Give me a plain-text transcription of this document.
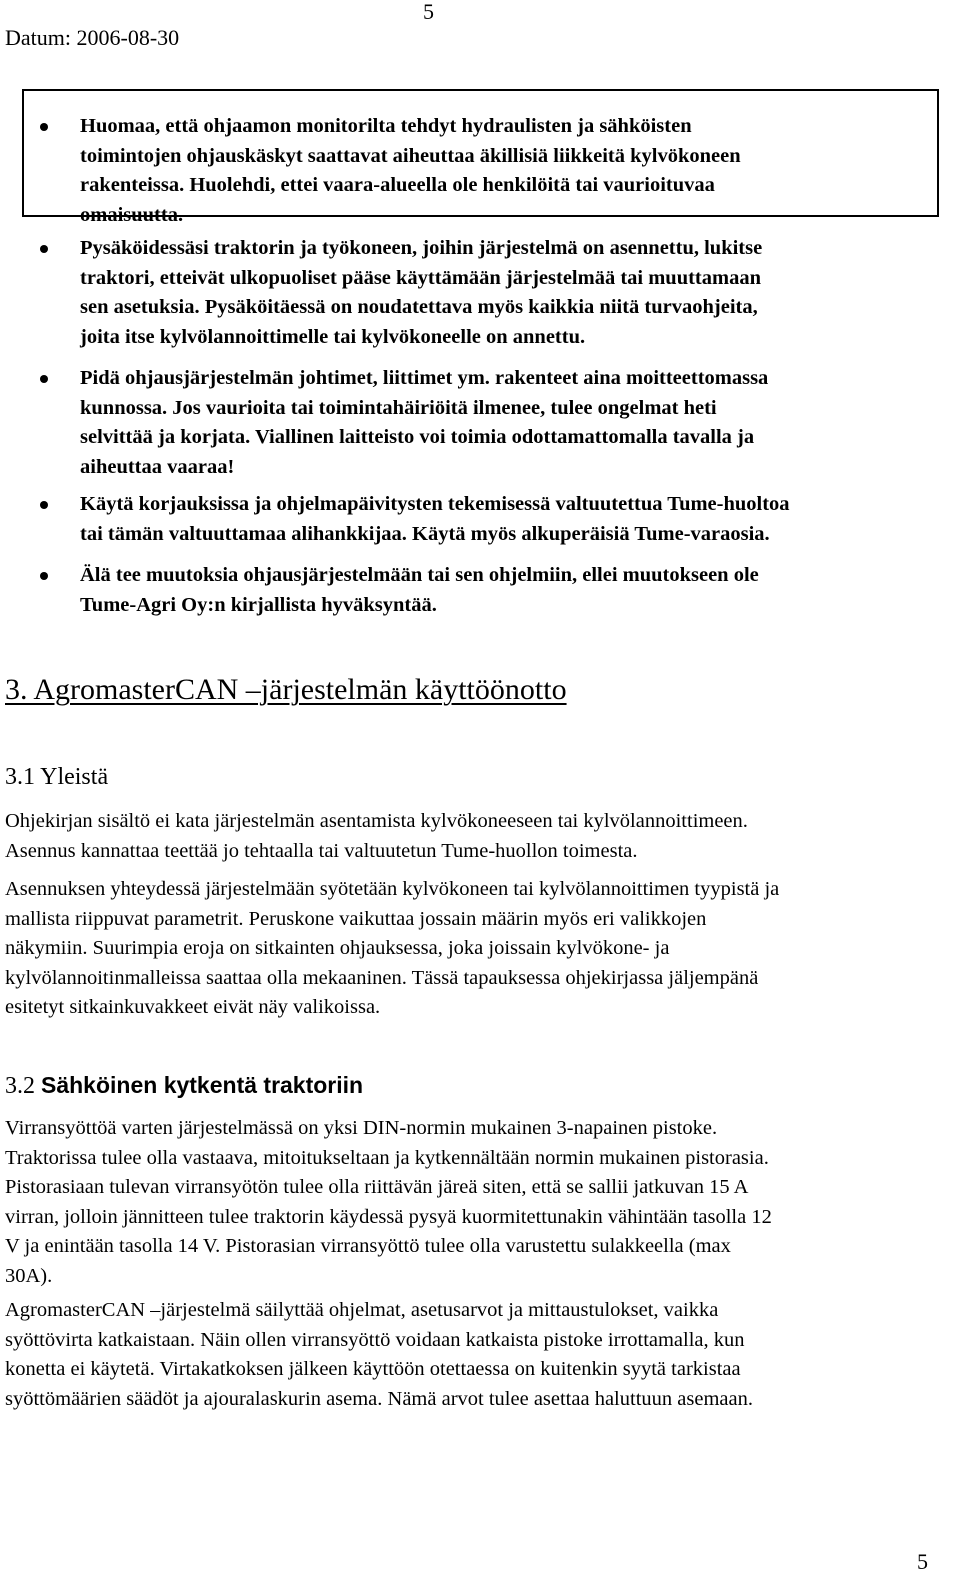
5
Datum: 2006-08-30
Huomaa, että ohjaamon monitorilta tehdyt hydraulisten ja sähköisten
toimintojen ohjauskäskyt saattavat aiheuttaa äkillisiä liikkeitä kylvökoneen
rakenteissa. Huolehdi, ettei vaara-alueella ole henkilöitä tai vaurioituvaa
omaisuutta.
Pysäköidessäsi traktorin ja työkoneen, joihin järjestelmä on asennettu, lukitse
traktori, etteivät ulkopuoliset pääse käyttämään järjestelmää tai muuttamaan
sen asetuksia. Pysäköitäessä on noudatettava myös kaikkia niitä turvaohjeita,
joita itse kylvölannoittimelle tai kylvökoneelle on annettu.
Pidä ohjausjärjestelmän johtimet, liittimet ym. rakenteet aina moitteettomassa
kunnossa. Jos vaurioita tai toimintahäiriöitä ilmenee, tulee ongelmat heti
selvittää ja korjata. Viallinen laitteisto voi toimia odottamattomalla tavalla ja
aiheuttaa vaaraa!
Käytä korjauksissa ja ohjelmapäivitysten tekemisessä valtuutettua Tume-huoltoa
tai tämän valtuuttamaa alihankkijaa. Käytä myös alkuperäisiä Tume-varaosia.
Älä tee muutoksia ohjausjärjestelmään tai sen ohjelmiin, ellei muutokseen ole
Tume-Agri Oy:n kirjallista hyväksyntää.
3. AgromasterCAN –järjestelmän käyttöönotto
3.1 Yleistä
Ohjekirjan sisältö ei kata järjestelmän asentamista kylvökoneeseen tai kylvölannoittimeen.
Asennus kannattaa teettää jo tehtaalla tai valtuutetun Tume-huollon toimesta.
Asennuksen yhteydessä järjestelmään syötetään kylvökoneen tai kylvölannoittimen tyypistä ja
mallista riippuvat parametrit. Peruskone vaikuttaa jossain määrin myös eri valikkojen
näkymiin. Suurimpia eroja on sitkainten ohjauksessa, joka joissain kylvökone- ja
kylvölannoitinmalleissa saattaa olla mekaaninen. Tässä tapauksessa ohjekirjassa jäljempänä
esitetyt sitkainkuvakkeet eivät näy valikoissa.
3.2 Sähköinen kytkentä traktoriin
Virransyöttöä varten järjestelmässä on yksi DIN-normin mukainen 3-napainen pistoke.
Traktorissa tulee olla vastaava, mitoitukseltaan ja kytkennältään normin mukainen pistorasia.
Pistorasiaan tulevan virransyötön tulee olla riittävän järeä siten, että se sallii jatkuvan 15 A
virran, jolloin jännitteen tulee traktorin käydessä pysyä kuormitettunakin vähintään tasolla 12
V ja enintään tasolla 14 V. Pistorasian virransyöttö tulee olla varustettu sulakkeella (max
30A).
AgromasterCAN –järjestelmä säilyttää ohjelmat, asetusarvot ja mittaustulokset, vaikka
syöttövirta katkaistaan. Näin ollen virransyöttö voidaan katkaista pistoke irrottamalla, kun
konetta ei käytetä. Virtakatkoksen jälkeen käyttöön otettaessa on kuitenkin syytä tarkistaa
syöttömäärien säädöt ja ajouralaskurin asema. Nämä arvot tulee asettaa haluttuun asemaan.
5
